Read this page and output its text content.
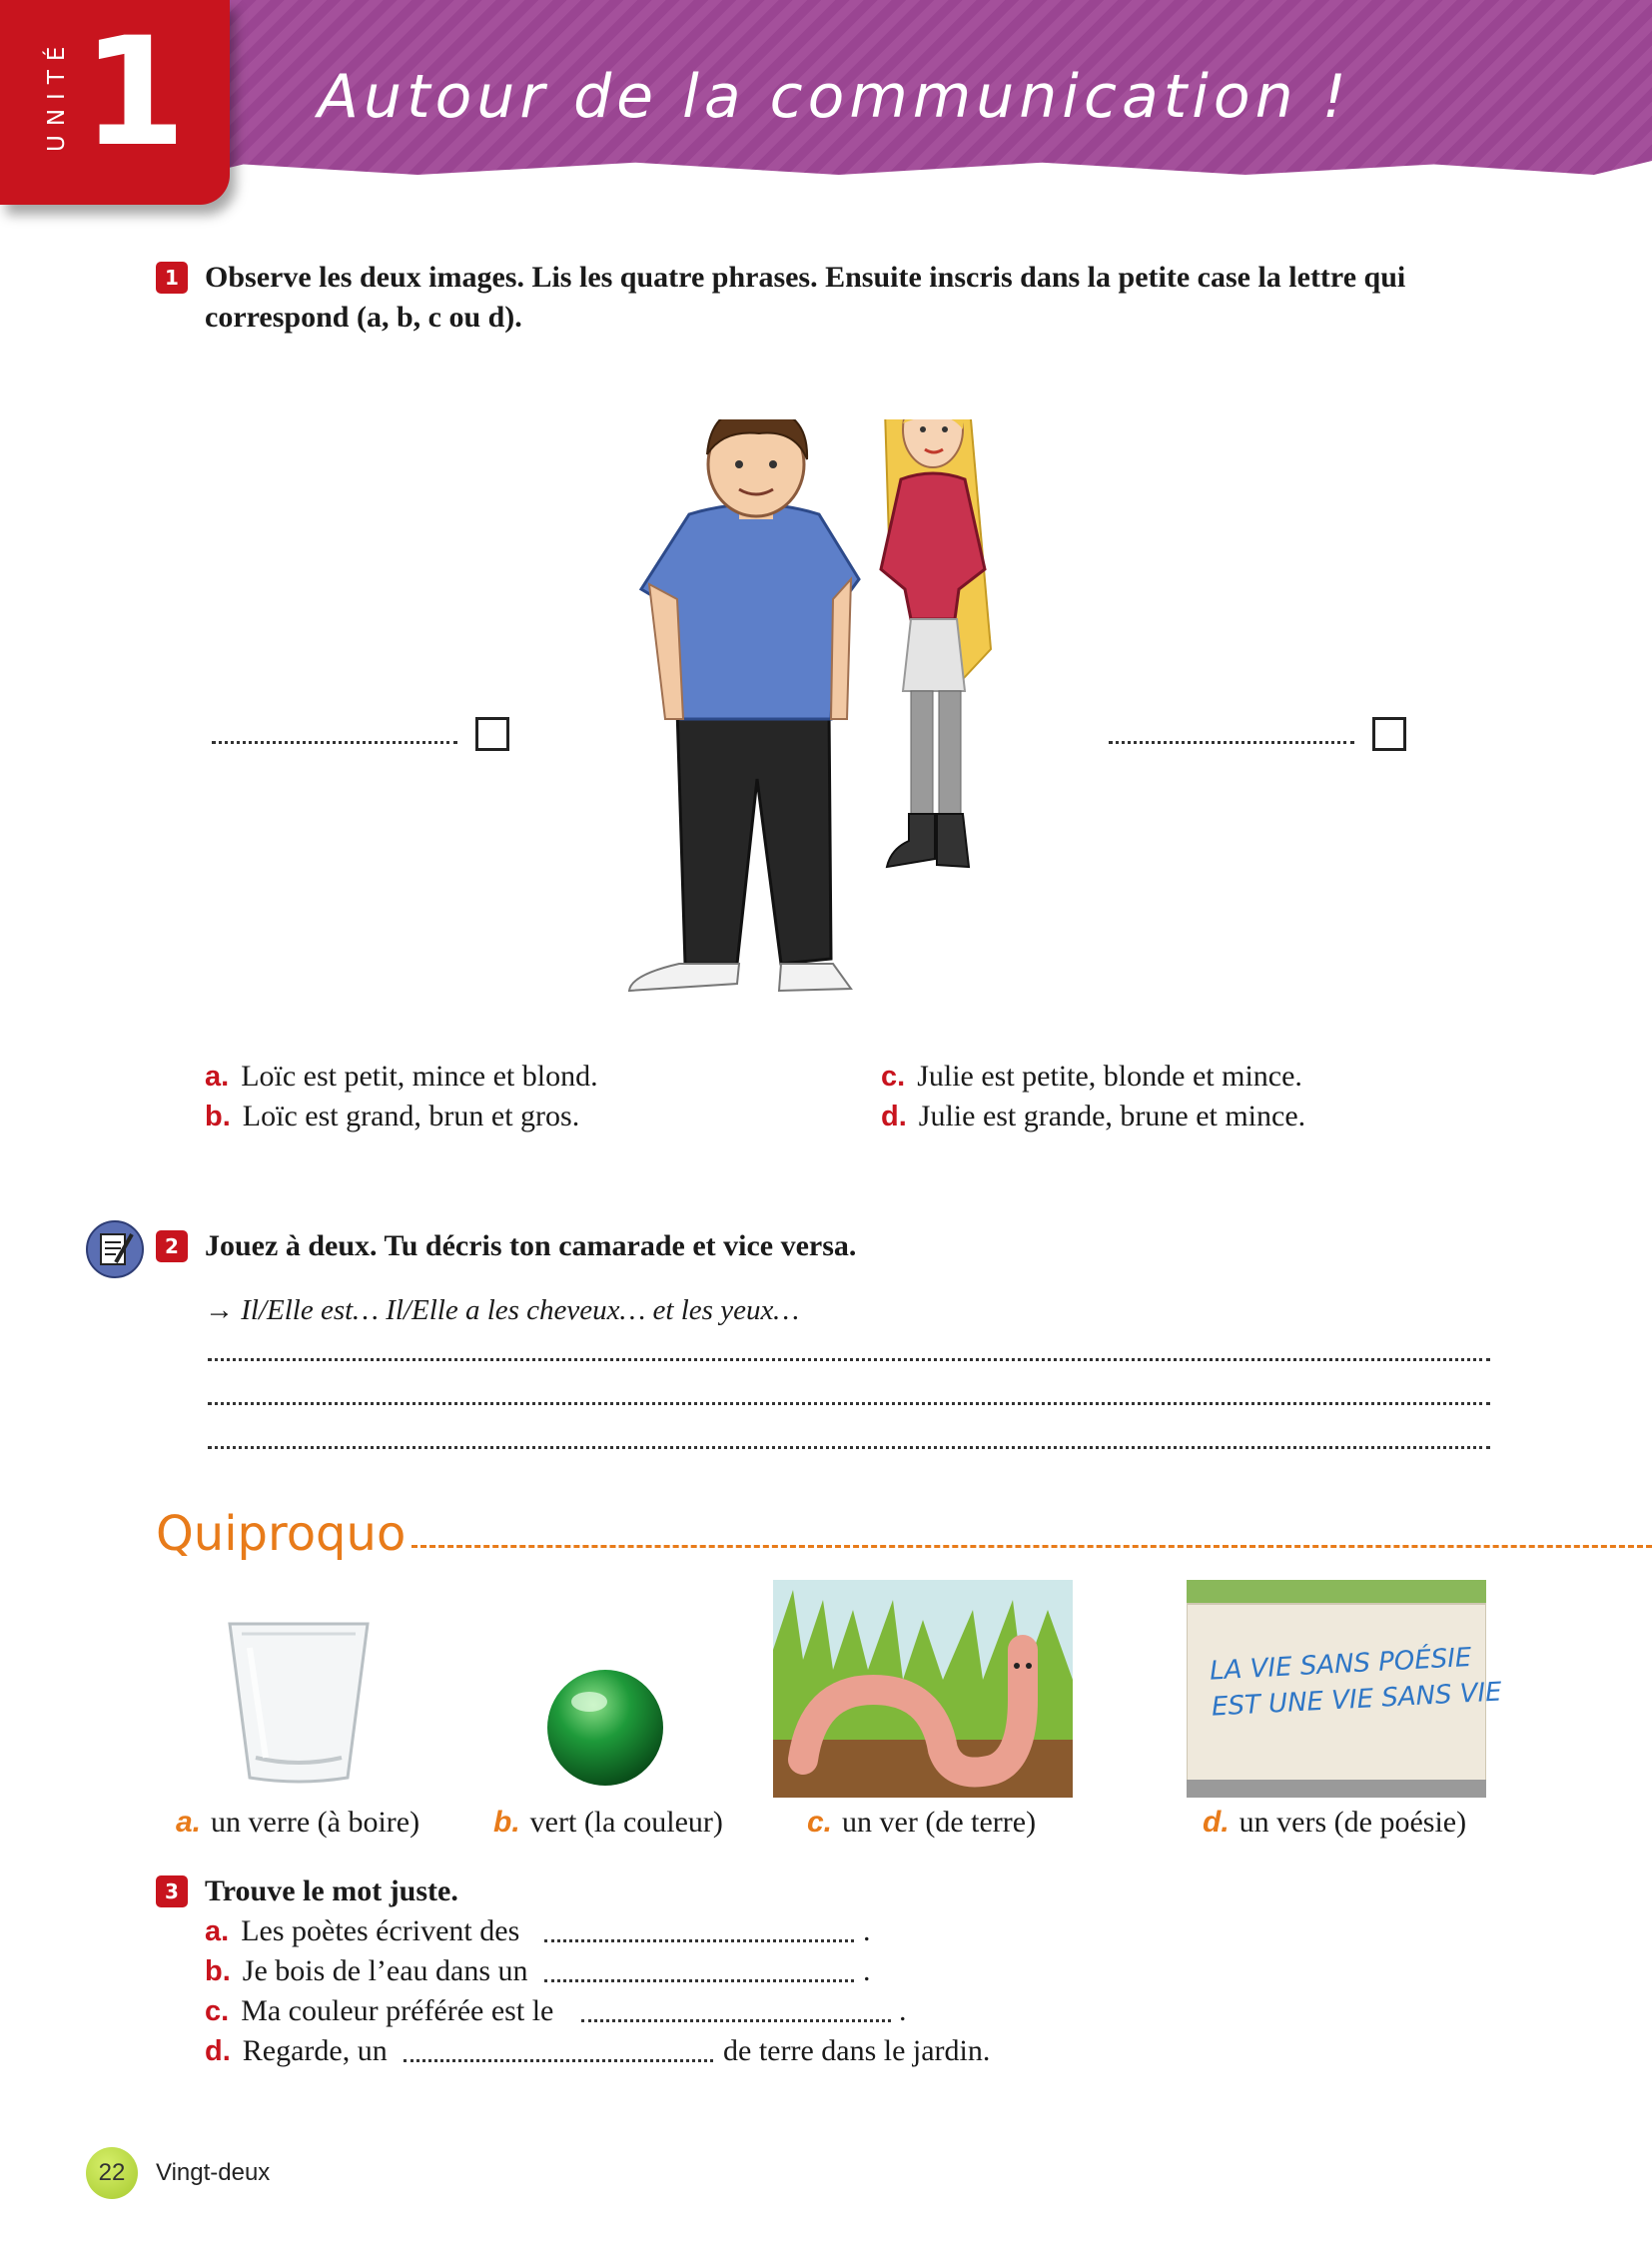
UNITÉ 1 Autour de la communication !
1 Observe les deux images. Lis les quatre phrases. Ensuite inscris dans la petite case la lettre qui
correspond (a, b, c ou d).
a. Loïc est petit, mince et blond.
b. Loïc est grand, brun et gros.
c. Julie est petite, blonde et mince.
d. Julie est grande, brune et mince.
2 Jouez à deux. Tu décris ton camarade et vice versa.
→ Il/Elle est… Il/Elle a les cheveux… et les yeux…
Quiproquo
LA VIE SANS POÉSIE
EST UNE VIE SANS VIE
a. un verre (à boire) b. vert (la couleur)	c. un ver (de terre)	d. un vers (de poésie)
3 Trouve le mot juste.
a. Les poètes écrivent des	.
b. Je bois de l’eau dans un	.
c. Ma couleur préférée est le	.
d. Regarde, un	de terre dans le jardin.
22	Vingt-deux
